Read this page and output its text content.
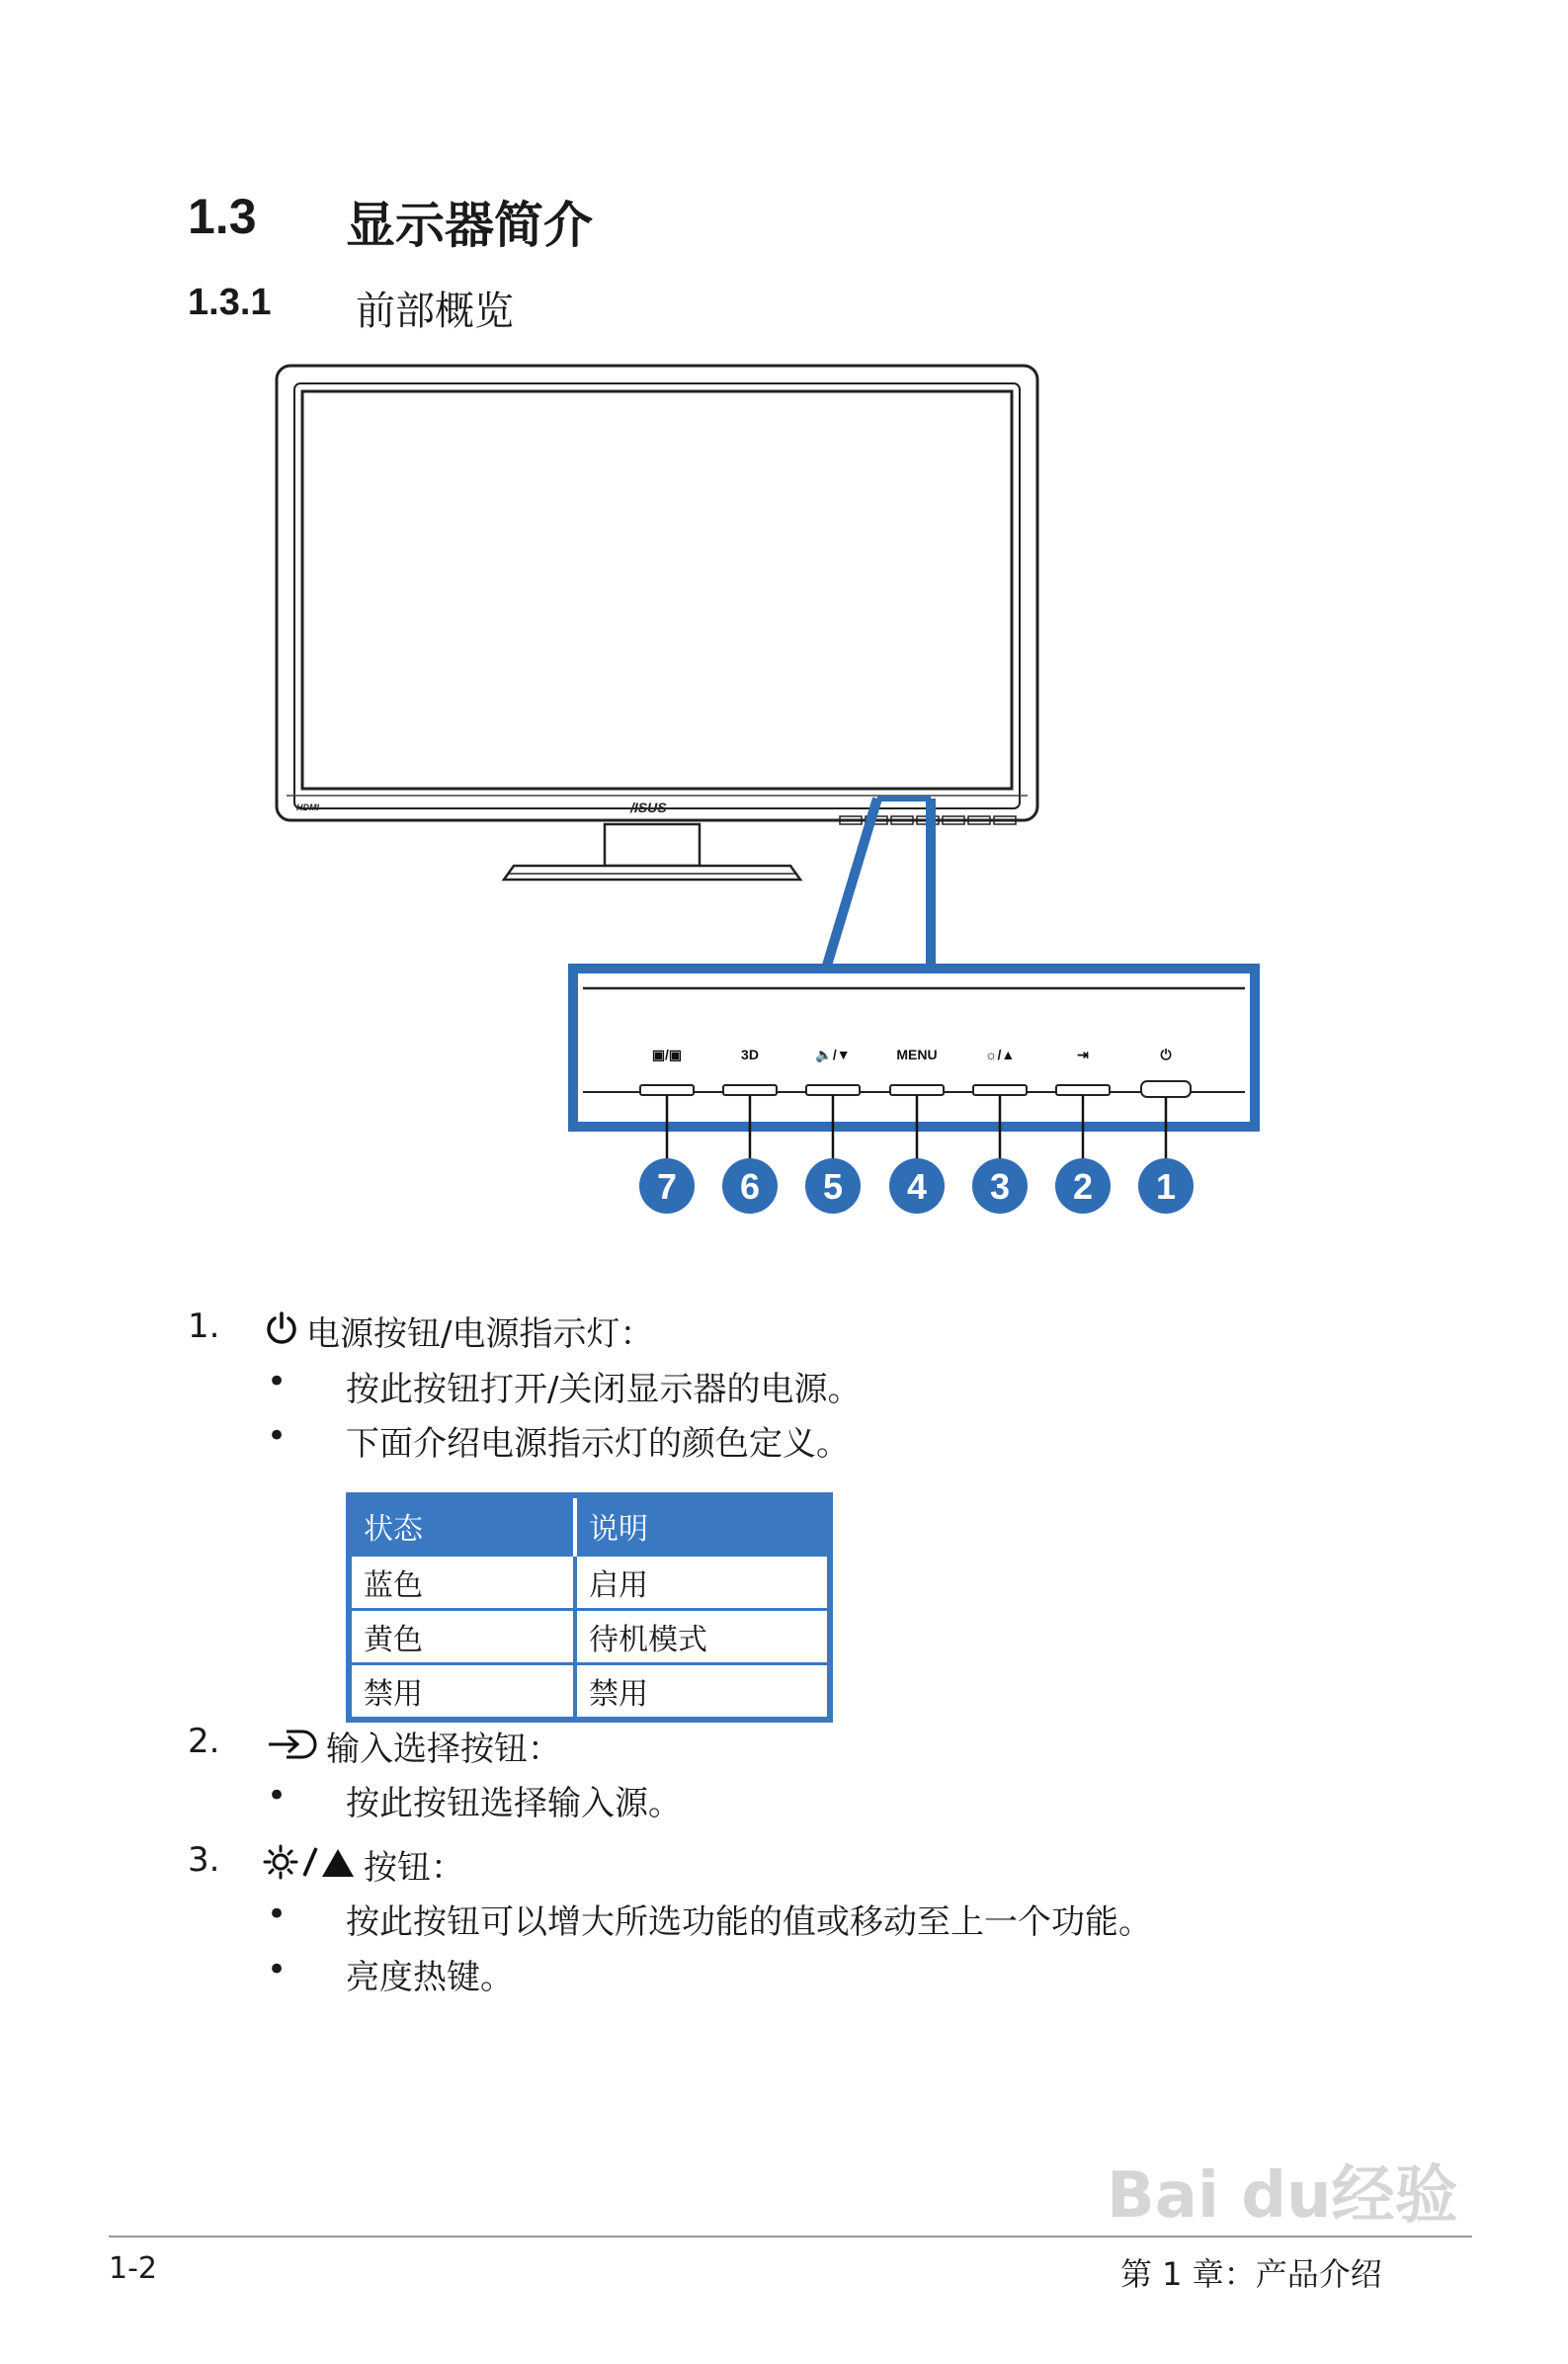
1.3 显示器简介
1.3.1 前部概览
HDMI	/ISUS
▣/▣	3D	🔈/▼	MENU	☼/▲	⇥	⏻
7 6 5 4 3 2 1
1.	电源按钮/电源指示灯：
• 按此按钮打开/关闭显示器的电源。
• 下面介绍电源指示灯的颜色定义。
状态	说明
蓝色	启用
黄色	待机模式
禁用	禁用
2.	输入选择按钮：
• 按此按钮选择输入源。
3.	按钮：
• 按此按钮可以增大所选功能的值或移动至上一个功能。
• 亮度热键。
Bai du经验
1-2	第 1 章：产品介绍
